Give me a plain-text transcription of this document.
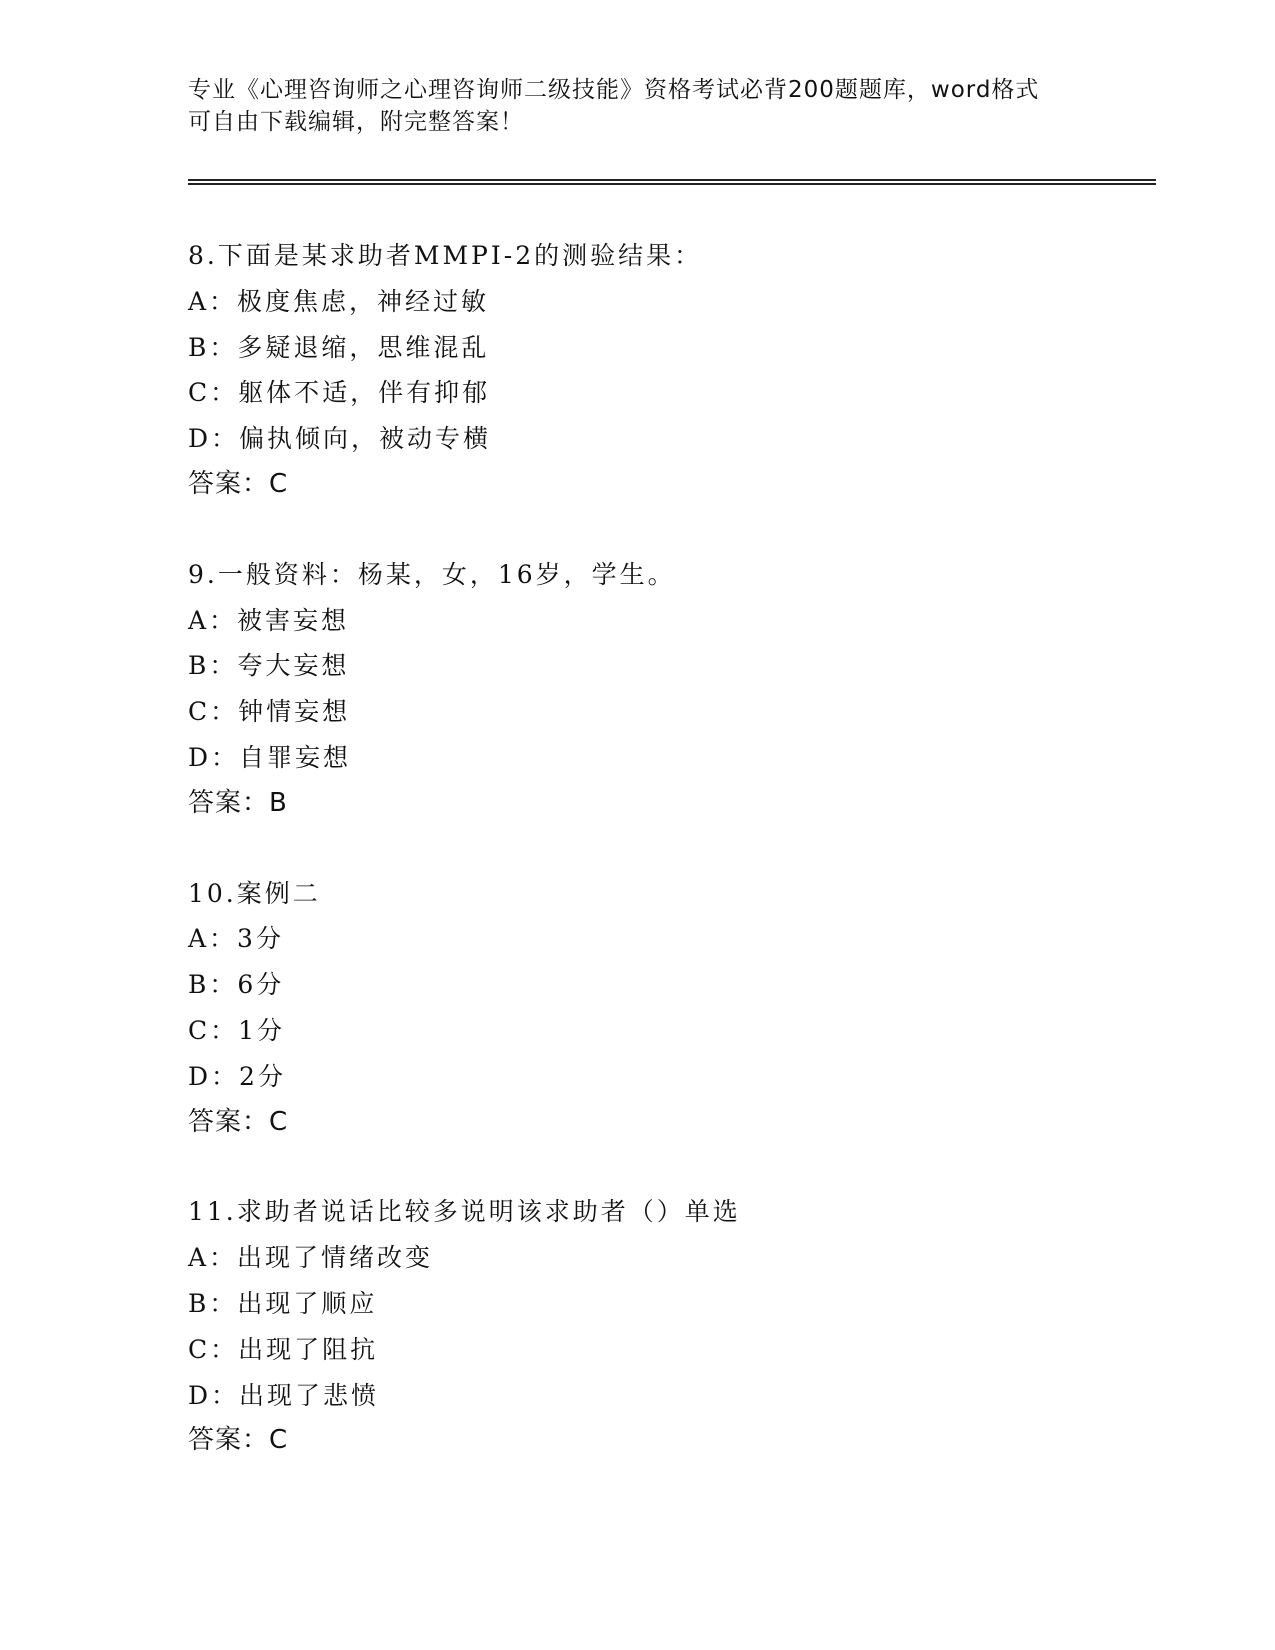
专业《心理咨询师之心理咨询师二级技能》资格考试必背200题题库，word格式
可自由下载编辑，附完整答案！
8.下面是某求助者MMPI-2的测验结果：
A：极度焦虑，神经过敏
B：多疑退缩，思维混乱
C：躯体不适，伴有抑郁
D：偏执倾向，被动专横
答案：C
9.一般资料：杨某，女，16岁，学生。
A：被害妄想
B：夸大妄想
C：钟情妄想
D：自罪妄想
答案：B
10.案例二
A：3分
B：6分
C：1分
D：2分
答案：C
11.求助者说话比较多说明该求助者（）单选
A：出现了情绪改变
B：出现了顺应
C：出现了阻抗
D：出现了悲愤
答案：C
